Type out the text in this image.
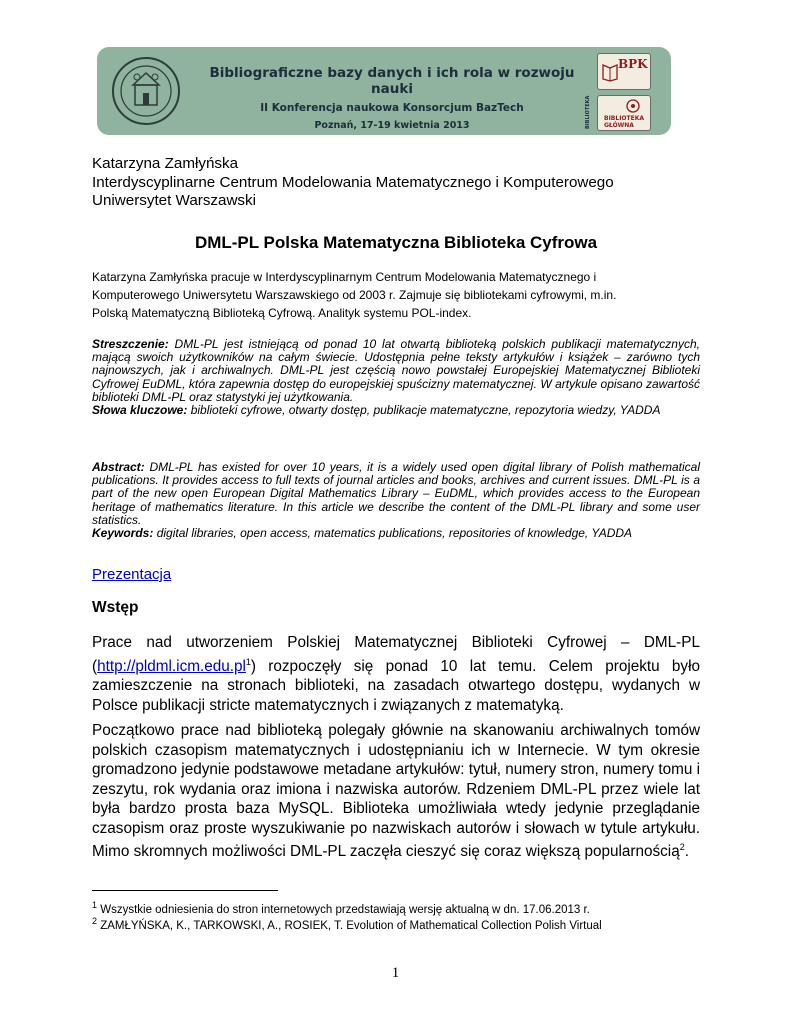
Bibliograficzne bazy danych i ich rola w rozwoju nauki
II Konferencja naukowa Konsorcjum BazTech
Poznań, 17-19 kwietnia 2013	BIBLIOTEKA
BPK
BIBLIOTEKA GŁÓWNA
Katarzyna Zamłyńska
Interdyscyplinarne Centrum Modelowania Matematycznego i Komputerowego
Uniwersytet Warszawski
DML-PL Polska Matematyczna Biblioteka Cyfrowa
Katarzyna Zamłyńska pracuje w Interdyscyplinarnym Centrum Modelowania Matematycznego i
Komputerowego Uniwersytetu Warszawskiego od 2003 r. Zajmuje się bibliotekami cyfrowymi, m.in.
Polską Matematyczną Biblioteką Cyfrową. Analityk systemu POL-index.
Streszczenie: DML-PL jest istniejącą od ponad 10 lat otwartą biblioteką polskich publikacji matematycznych, mającą swoich użytkowników na całym świecie. Udostępnia pełne teksty artykułów i książek – zarówno tych najnowszych, jak i archiwalnych. DML-PL jest częścią nowo powstałej Europejskiej Matematycznej Biblioteki Cyfrowej EuDML, która zapewnia dostęp do europejskiej spuścizny matematycznej. W artykule opisano zawartość biblioteki DML-PL oraz statystyki jej użytkowania.
Słowa kluczowe: biblioteki cyfrowe, otwarty dostęp, publikacje matematyczne, repozytoria wiedzy, YADDA
Abstract: DML-PL has existed for over 10 years, it is a widely used open digital library of Polish mathematical publications. It provides access to full texts of journal articles and books, archives and current issues. DML-PL is a part of the new open European Digital Mathematics Library – EuDML, which provides access to the European heritage of mathematics literature. In this article we describe the content of the DML-PL library and some user statistics.
Keywords: digital libraries, open access, matematics publications, repositories of knowledge, YADDA
Prezentacja
Wstęp
Prace nad utworzeniem Polskiej Matematycznej Biblioteki Cyfrowej – DML-PL $(http://pldml.icm.edu.pl^1)$ rozpoczęły się ponad 10 lat temu. Celem projektu było zamieszczenie na stronach biblioteki, na zasadach otwartego dostępu, wydanych w Polsce publikacji stricte matematycznych i związanych z matematyką.
Początkowo prace nad biblioteką polegały głównie na skanowaniu archiwalnych tomów polskich czasopism matematycznych i udostępnianiu ich w Internecie. W tym okresie gromadzono jedynie podstawowe metadane artykułów: tytuł, numery stron, numery tomu i zeszytu, rok wydania oraz imiona i nazwiska autorów. Rdzeniem DML-PL przez wiele lat była bardzo prosta baza MySQL. Biblioteka umożliwiała wtedy jedynie przeglądanie czasopism oraz proste wyszukiwanie po nazwiskach autorów i słowach w tytule artykułu. Mimo skromnych możliwości DML-PL zaczęła cieszyć się coraz większą popularnością$^2$.
$^1$ Wszystkie odniesienia do stron internetowych przedstawiają wersję aktualną w dn. 17.06.2013 r.
$^2$ ZAMŁYŃSKA, K., TARKOWSKI, A., ROSIEK, T. Evolution of Mathematical Collection Polish Virtual
1
